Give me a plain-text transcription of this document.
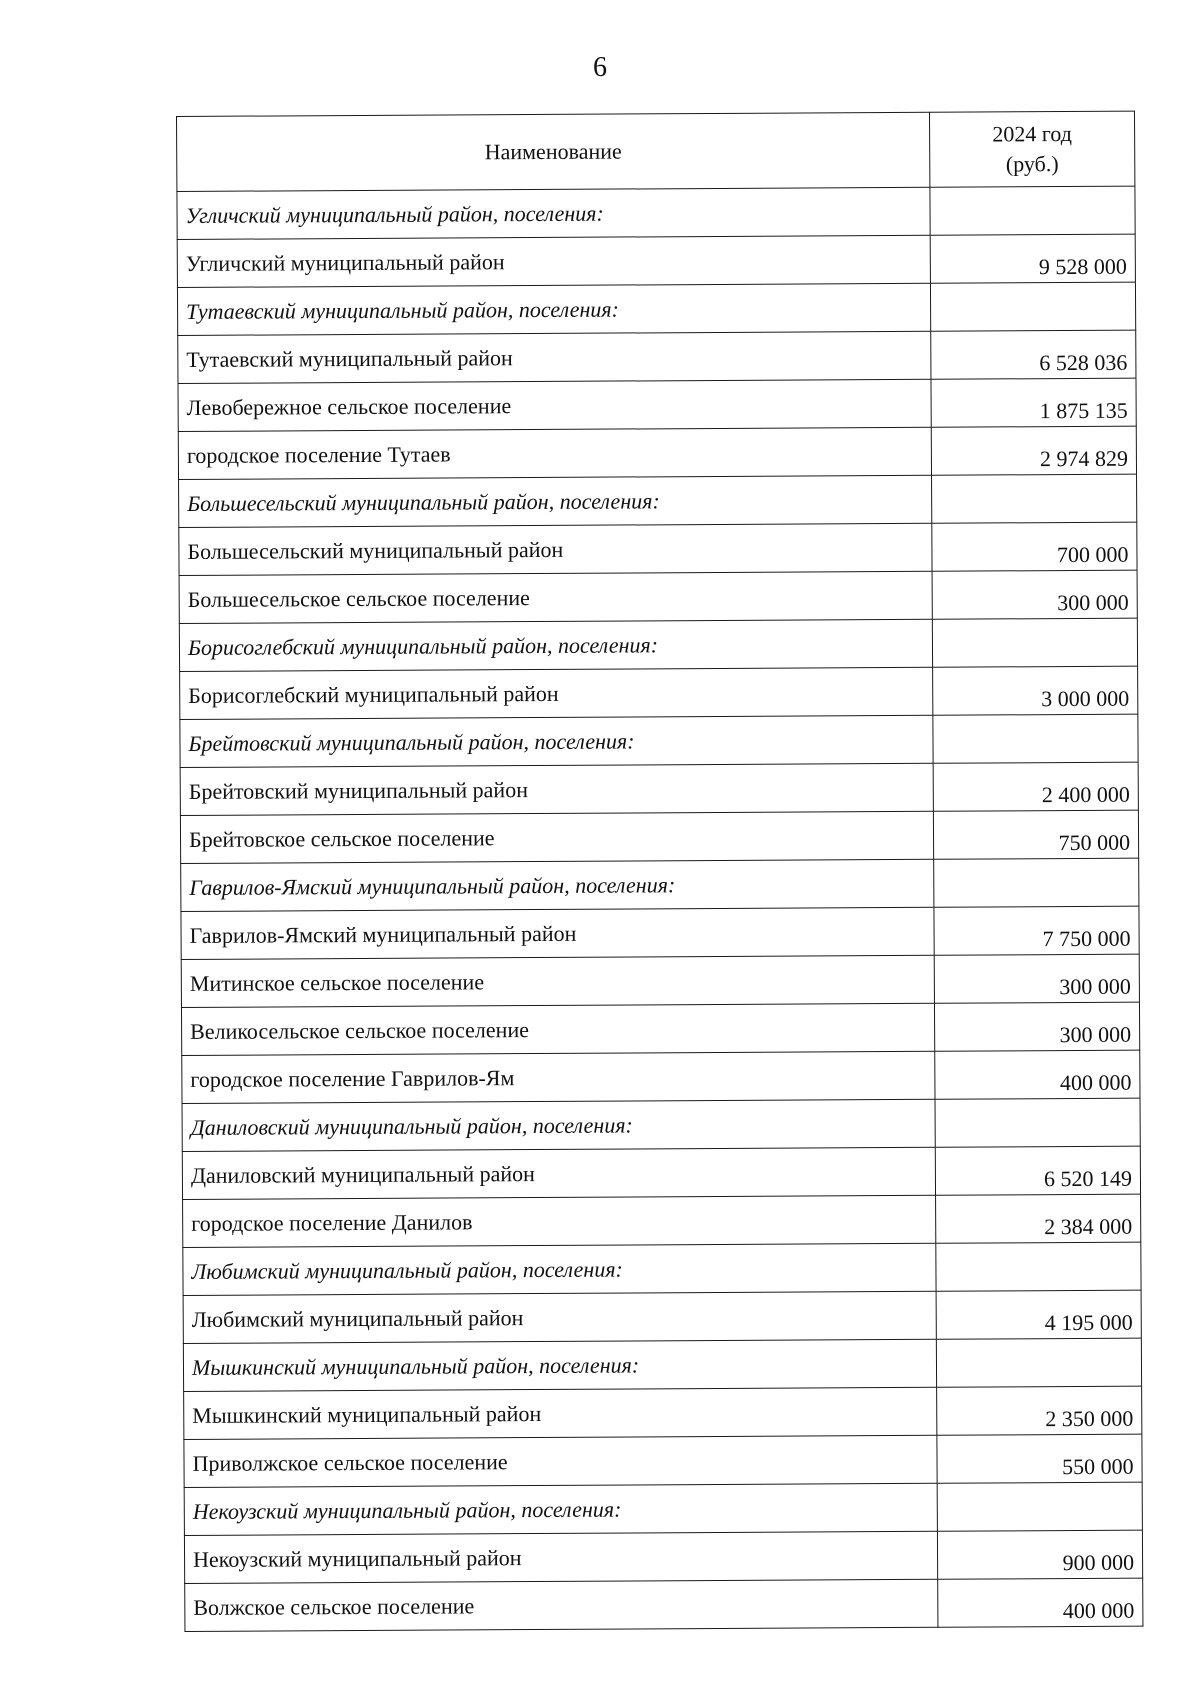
6
Наименование	2024 год
(руб.)
Угличский муниципальный район, поселения:	
Угличский муниципальный район	9 528 000
Тутаевский муниципальный район, поселения:	
Тутаевский муниципальный район	6 528 036
Левобережное сельское поселение	1 875 135
городское поселение Тутаев	2 974 829
Большесельский муниципальный район, поселения:	
Большесельский муниципальный район	700 000
Большесельское сельское поселение	300 000
Борисоглебский муниципальный район, поселения:	
Борисоглебский муниципальный район	3 000 000
Брейтовский муниципальный район, поселения:	
Брейтовский муниципальный район	2 400 000
Брейтовское сельское поселение	750 000
Гаврилов-Ямский муниципальный район, поселения:	
Гаврилов-Ямский муниципальный район	7 750 000
Митинское сельское поселение	300 000
Великосельское сельское поселение	300 000
городское поселение Гаврилов-Ям	400 000
Даниловский муниципальный район, поселения:	
Даниловский муниципальный район	6 520 149
городское поселение Данилов	2 384 000
Любимский муниципальный район, поселения:	
Любимский муниципальный район	4 195 000
Мышкинский муниципальный район, поселения:	
Мышкинский муниципальный район	2 350 000
Приволжское сельское поселение	550 000
Некоузский муниципальный район, поселения:	
Некоузский муниципальный район	900 000
Волжское сельское поселение	400 000
